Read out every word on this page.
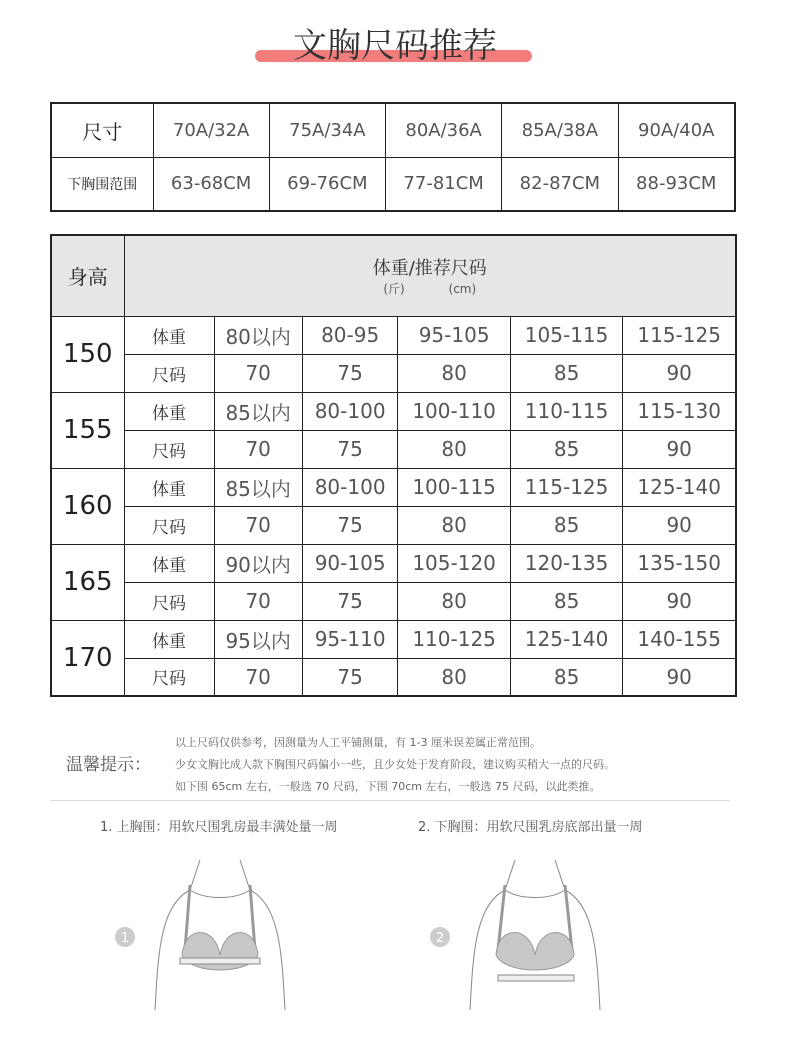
文胸尺码推荐
尺寸	70A/32A	75A/34A	80A/36A	85A/38A	90A/40A
下胸围范围	63-68CM	69-76CM	77-81CM	82-87CM	88-93CM
身高	体重/推荐尺码
(斤) (cm)					

150	体重	80以内	80-95	95-105	105-115	115-125
	尺码	70	75	80	85	90
155	体重	85以内	80-100	100-110	110-115	115-130
	尺码	70	75	80	85	90
160	体重	85以内	80-100	100-115	115-125	125-140
	尺码	70	75	80	85	90
165	体重	90以内	90-105	105-120	120-135	135-150
	尺码	70	75	80	85	90
170	体重	95以内	95-110	110-125	125-140	140-155
	尺码	70	75	80	85	90
温馨提示：
以上尺码仅供参考，因测量为人工平铺测量，有 1-3 厘米误差属正常范围。
少女文胸比成人款下胸围尺码偏小一些，且少女处于发育阶段，建议购买稍大一点的尺码。
如下围 65cm 左右，一般选 70 尺码，下围 70cm 左右，一般选 75 尺码，以此类推。
1. 上胸围：用软尺围乳房最丰满处量一周	2. 下胸围：用软尺围乳房底部出量一周
1	2
